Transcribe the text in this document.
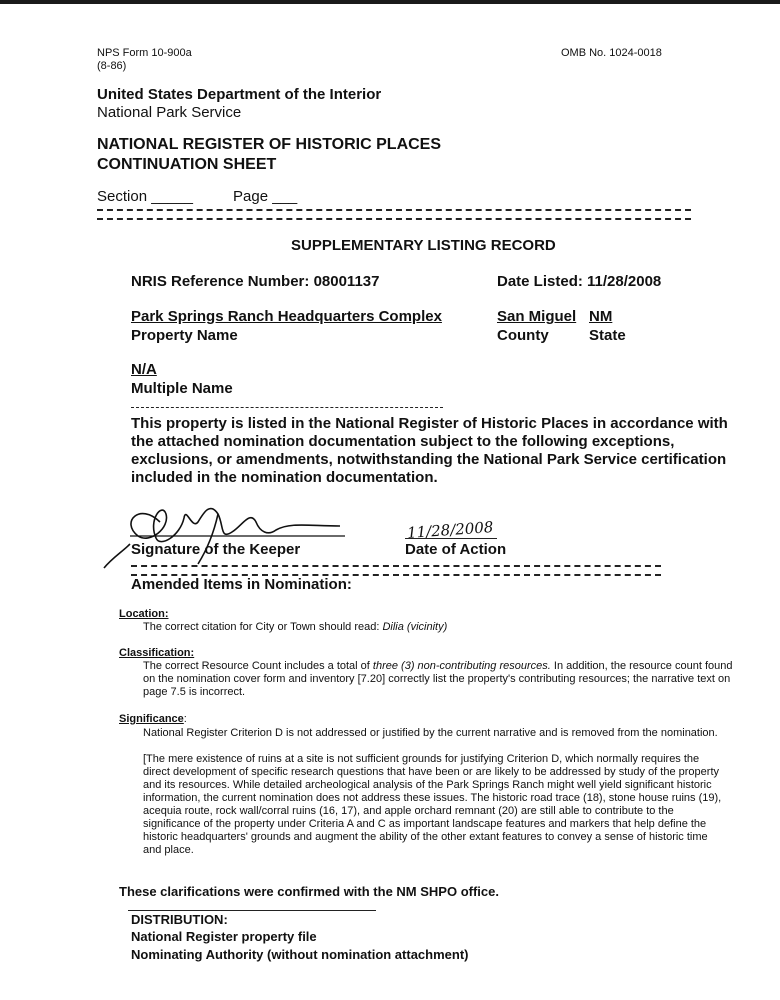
NPS Form 10-900a
(8-86)
OMB No. 1024-0018
United States Department of the Interior
National Park Service
NATIONAL REGISTER OF HISTORIC PLACES
CONTINUATION SHEET
Section _____	Page ___
SUPPLEMENTARY LISTING RECORD
NRIS Reference Number: 08001137	Date Listed: 11/28/2008
Park Springs Ranch Headquarters Complex
Property Name
San Miguel
County
NM
State
N/A
Multiple Name
This property is listed in the National Register of Historic Places in accordance with the attached nomination documentation subject to the following exceptions, exclusions, or amendments, notwithstanding the National Park Service certification included in the nomination documentation.
Signature of the Keeper
11/28/2008
Date of Action
Amended Items in Nomination:
Location:
The correct citation for City or Town should read: Dilia (vicinity)
Classification:
The correct Resource Count includes a total of three (3) non-contributing resources. In addition, the resource count found on the nomination cover form and inventory [7.20] correctly list the property's contributing resources; the narrative text on page 7.5 is incorrect.
Significance:
National Register Criterion D is not addressed or justified by the current narrative and is removed from the nomination.
[The mere existence of ruins at a site is not sufficient grounds for justifying Criterion D, which normally requires the direct development of specific research questions that have been or are likely to be addressed by study of the property and its resources. While detailed archeological analysis of the Park Springs Ranch might well yield significant historic information, the current nomination does not address these issues. The historic road trace (18), stone house ruins (19), acequia route, rock wall/corral ruins (16, 17), and apple orchard remnant (20) are still able to contribute to the significance of the property under Criteria A and C as important landscape features and markers that help define the historic headquarters' grounds and augment the ability of the other extant features to convey a sense of historic time and place.
These clarifications were confirmed with the NM SHPO office.
DISTRIBUTION:
National Register property file
Nominating Authority (without nomination attachment)
